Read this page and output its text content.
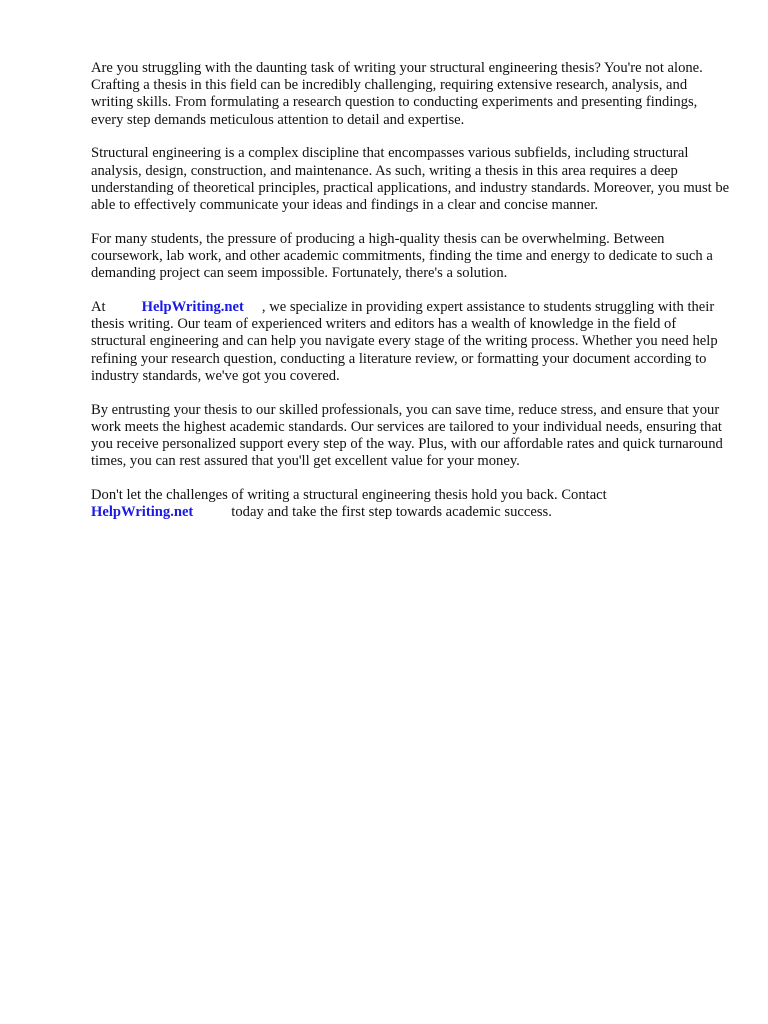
Are you struggling with the daunting task of writing your structural engineering thesis? You're not alone. Crafting a thesis in this field can be incredibly challenging, requiring extensive research, analysis, and writing skills. From formulating a research question to conducting experiments and presenting findings, every step demands meticulous attention to detail and expertise.

Structural engineering is a complex discipline that encompasses various subfields, including structural analysis, design, construction, and maintenance. As such, writing a thesis in this area requires a deep understanding of theoretical principles, practical applications, and industry standards. Moreover, you must be able to effectively communicate your ideas and findings in a clear and concise manner.

For many students, the pressure of producing a high-quality thesis can be overwhelming. Between coursework, lab work, and other academic commitments, finding the time and energy to dedicate to such a demanding project can seem impossible. Fortunately, there's a solution.

At HelpWriting.net , we specialize in providing expert assistance to students struggling with their thesis writing. Our team of experienced writers and editors has a wealth of knowledge in the field of structural engineering and can help you navigate every stage of the writing process. Whether you need help refining your research question, conducting a literature review, or formatting your document according to industry standards, we've got you covered.

By entrusting your thesis to our skilled professionals, you can save time, reduce stress, and ensure that your work meets the highest academic standards. Our services are tailored to your individual needs, ensuring that you receive personalized support every step of the way. Plus, with our affordable rates and quick turnaround times, you can rest assured that you'll get excellent value for your money.

Don't let the challenges of writing a structural engineering thesis hold you back. Contact
HelpWriting.net	today and take the first step towards academic success.
